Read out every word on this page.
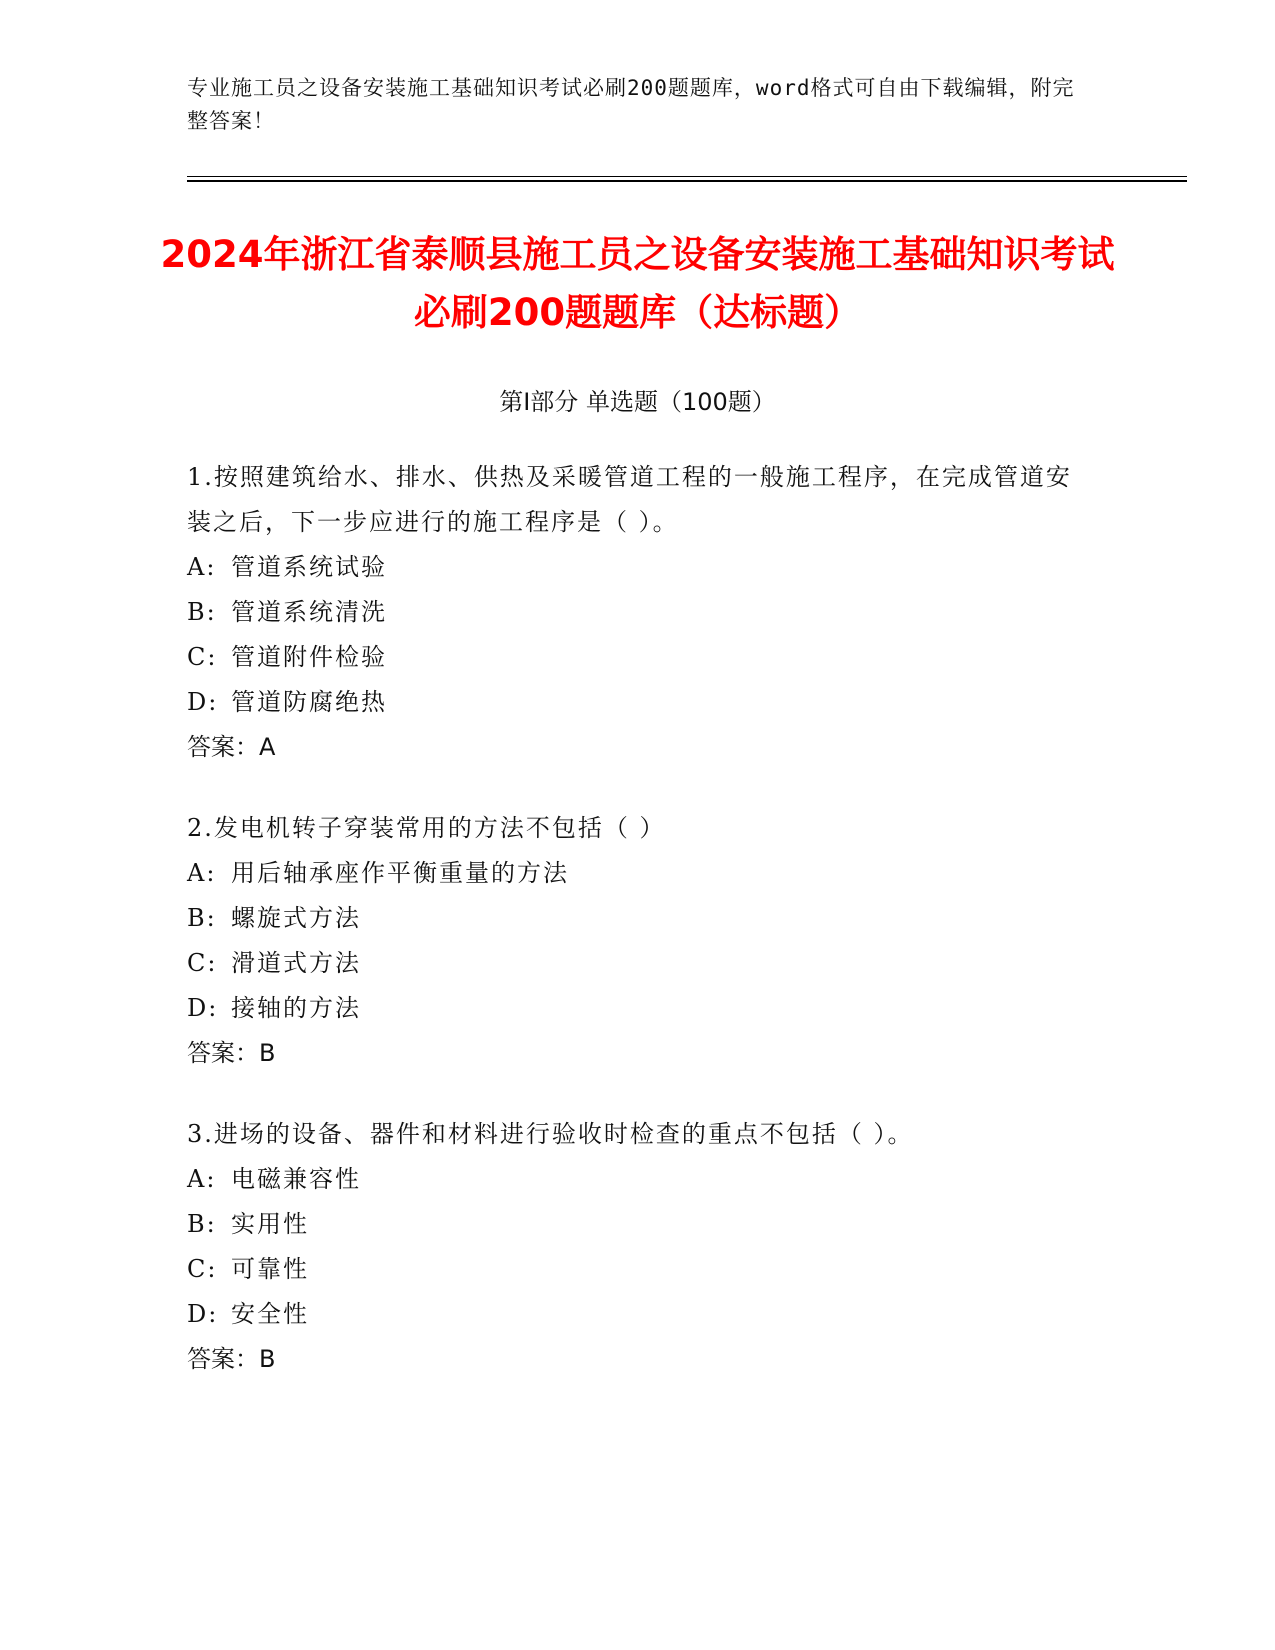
专业施工员之设备安装施工基础知识考试必刷200题题库，word格式可自由下载编辑，附完整答案！
2024年浙江省泰顺县施工员之设备安装施工基础知识考试必刷200题题库（达标题）
第I部分 单选题（100题）

1.按照建筑给水、排水、供热及采暖管道工程的一般施工程序，在完成管道安装之后，下一步应进行的施工程序是（ ）。

A: 管道系统试验

B: 管道系统清洗

C: 管道附件检验

D: 管道防腐绝热

答案：A

2.发电机转子穿装常用的方法不包括（ ）

A: 用后轴承座作平衡重量的方法

B: 螺旋式方法

C: 滑道式方法

D: 接轴的方法

答案：B

3.进场的设备、器件和材料进行验收时检查的重点不包括（ ）。

A: 电磁兼容性

B: 实用性

C: 可靠性

D: 安全性

答案：B
